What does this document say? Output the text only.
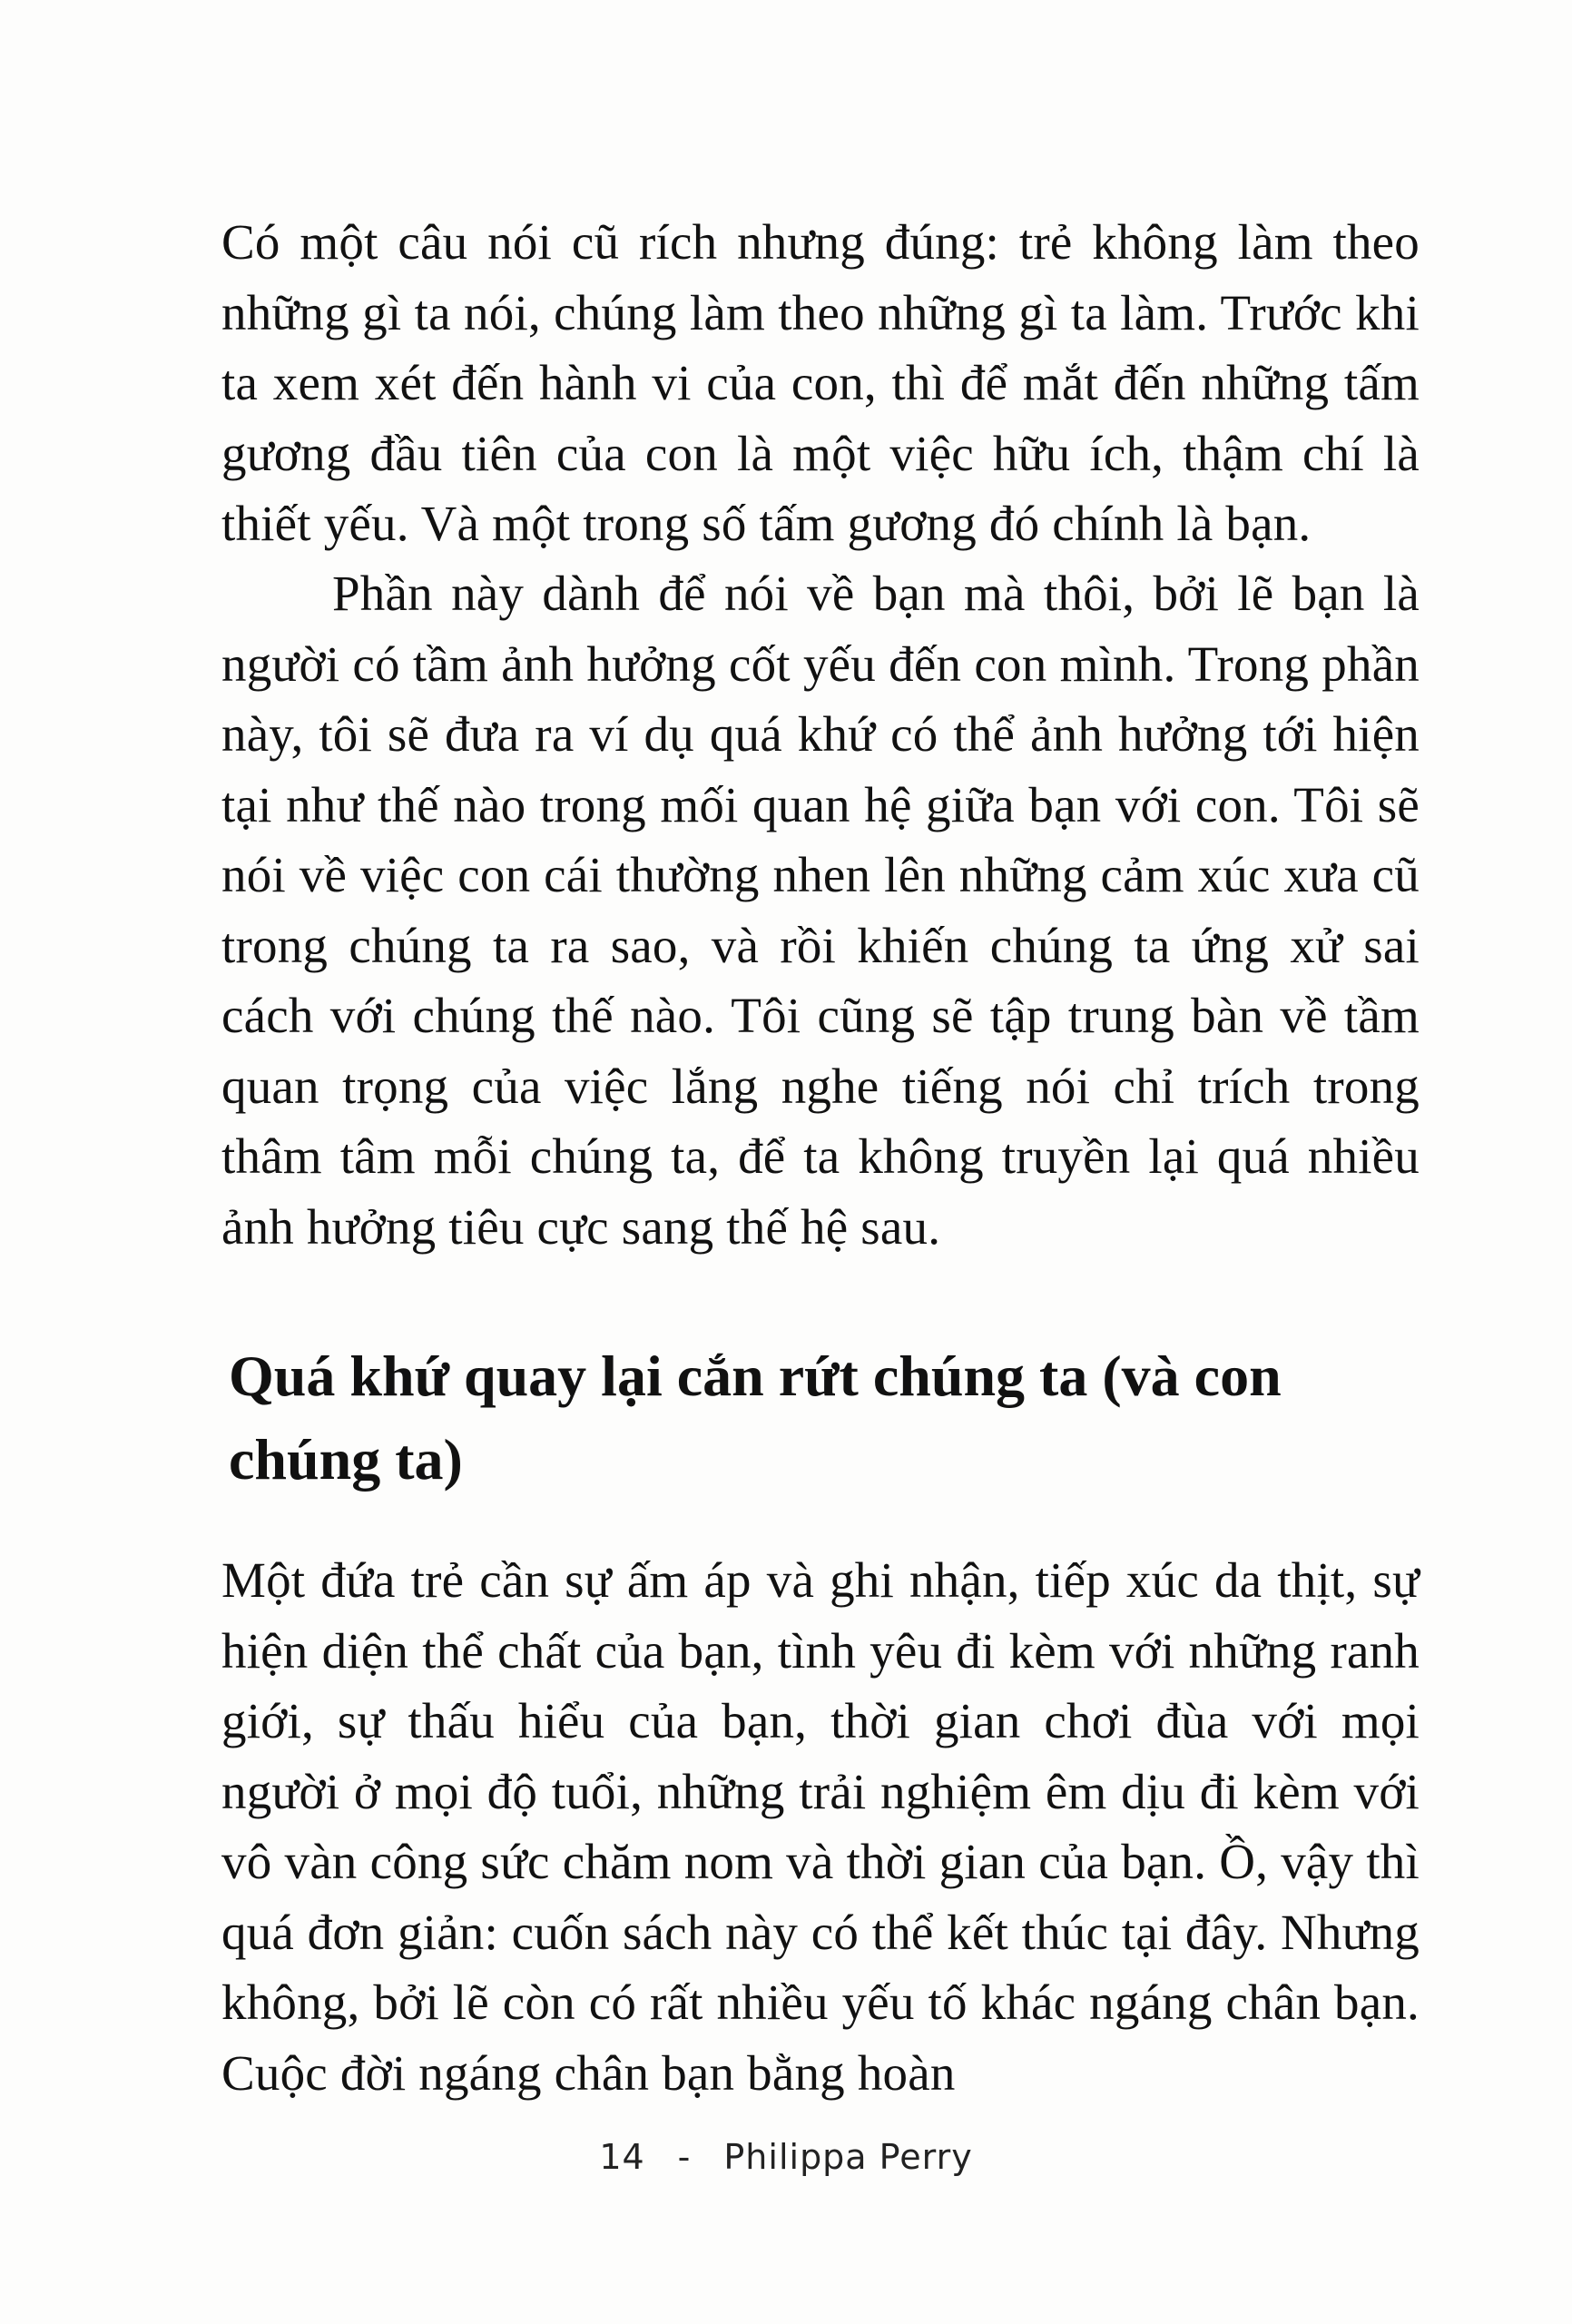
Có một câu nói cũ rích nhưng đúng: trẻ không làm theo những gì ta nói, chúng làm theo những gì ta làm. Trước khi ta xem xét đến hành vi của con, thì để mắt đến những tấm gương đầu tiên của con là một việc hữu ích, thậm chí là thiết yếu. Và một trong số tấm gương đó chính là bạn.

Phần này dành để nói về bạn mà thôi, bởi lẽ bạn là người có tầm ảnh hưởng cốt yếu đến con mình. Trong phần này, tôi sẽ đưa ra ví dụ quá khứ có thể ảnh hưởng tới hiện tại như thế nào trong mối quan hệ giữa bạn với con. Tôi sẽ nói về việc con cái thường nhen lên những cảm xúc xưa cũ trong chúng ta ra sao, và rồi khiến chúng ta ứng xử sai cách với chúng thế nào. Tôi cũng sẽ tập trung bàn về tầm quan trọng của việc lắng nghe tiếng nói chỉ trích trong thâm tâm mỗi chúng ta, để ta không truyền lại quá nhiều ảnh hưởng tiêu cực sang thế hệ sau.

Quá khứ quay lại cắn rứt chúng ta (và con chúng ta)

Một đứa trẻ cần sự ấm áp và ghi nhận, tiếp xúc da thịt, sự hiện diện thể chất của bạn, tình yêu đi kèm với những ranh giới, sự thấu hiểu của bạn, thời gian chơi đùa với mọi người ở mọi độ tuổi, những trải nghiệm êm dịu đi kèm với vô vàn công sức chăm nom và thời gian của bạn. Ồ, vậy thì quá đơn giản: cuốn sách này có thể kết thúc tại đây. Nhưng không, bởi lẽ còn có rất nhiều yếu tố khác ngáng chân bạn. Cuộc đời ngáng chân bạn bằng hoàn

14 - Philippa Perry
